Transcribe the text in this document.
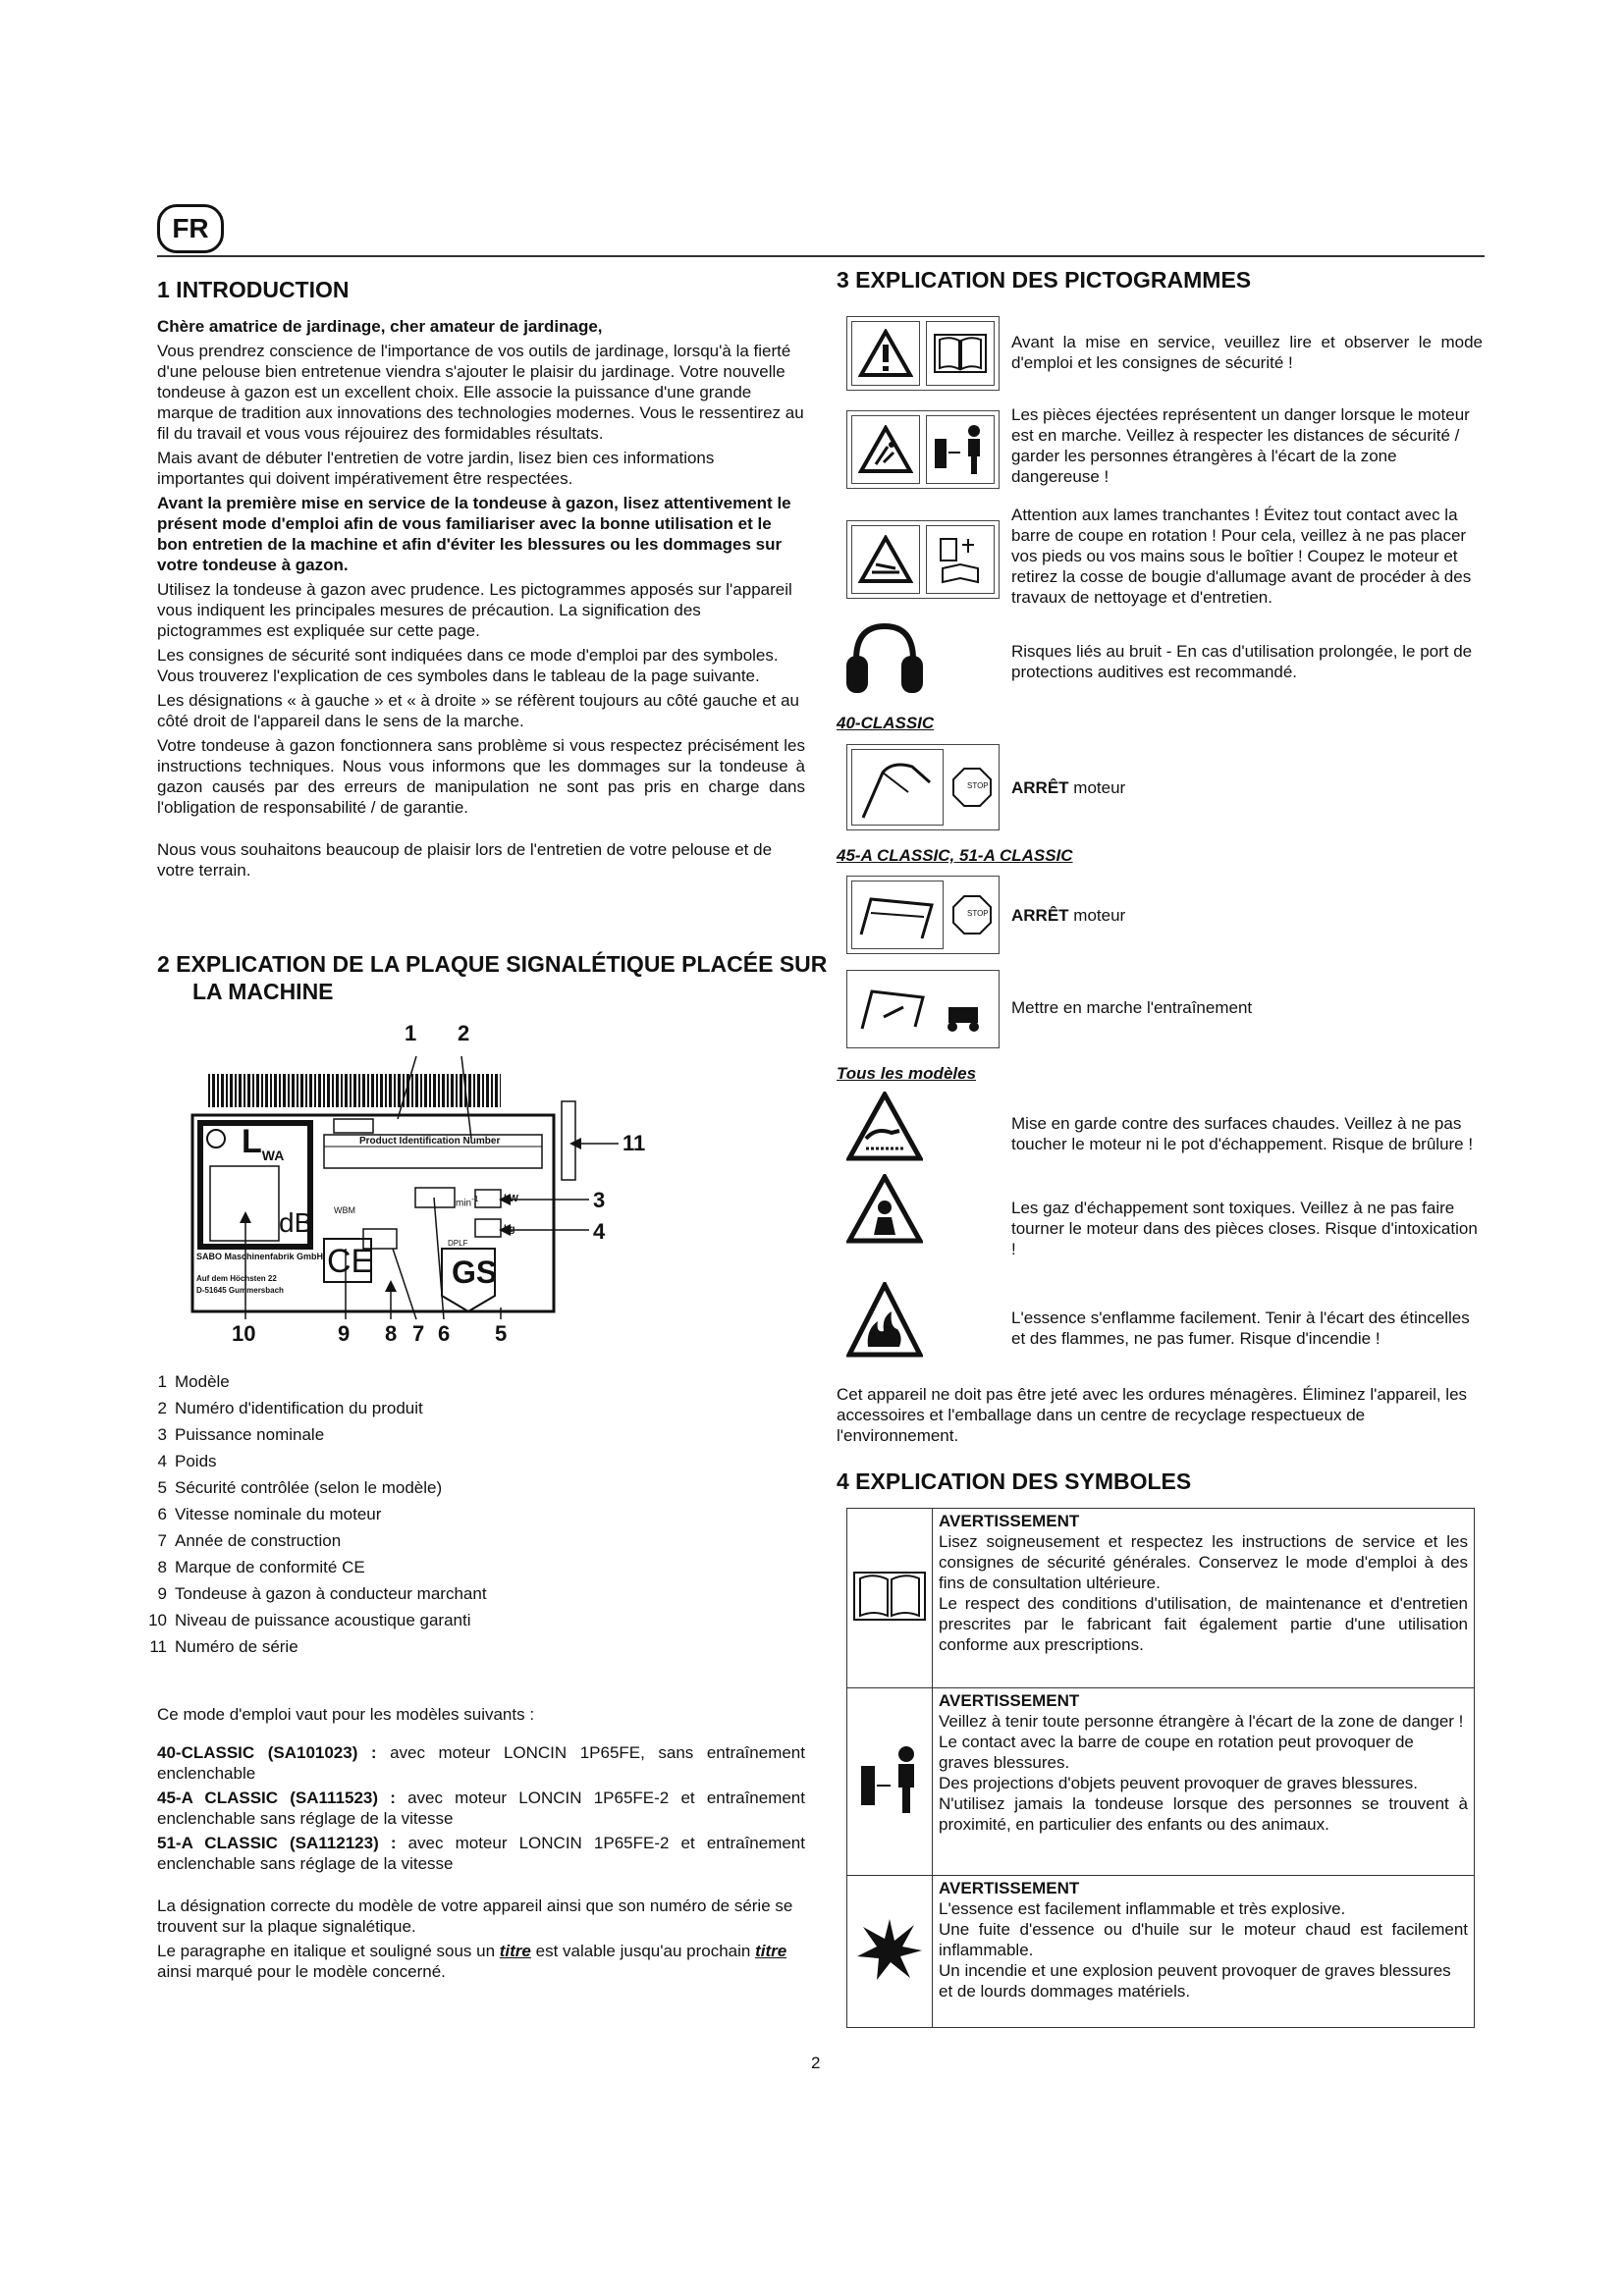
FR
1 INTRODUCTION

Chère amatrice de jardinage, cher amateur de jardinage,

Vous prendrez conscience de l'importance de vos outils de jardinage, lorsqu'à la fierté d'une pelouse bien entretenue viendra s'ajouter le plaisir du jardinage. Votre nouvelle tondeuse à gazon est un excellent choix. Elle associe la puissance d'une grande marque de tradition aux innovations des technologies modernes. Vous le ressentirez au fil du travail et vous vous réjouirez des formidables résultats.

Mais avant de débuter l'entretien de votre jardin, lisez bien ces informations importantes qui doivent impérativement être respectées.

Avant la première mise en service de la tondeuse à gazon, lisez attentivement le présent mode d'emploi afin de vous familiariser avec la bonne utilisation et le bon entretien de la machine et afin d'éviter les blessures ou les dommages sur votre tondeuse à gazon.

Utilisez la tondeuse à gazon avec prudence. Les pictogrammes apposés sur l'appareil vous indiquent les principales mesures de précaution. La signification des pictogrammes est expliquée sur cette page.

Les consignes de sécurité sont indiquées dans ce mode d'emploi par des symboles. Vous trouverez l'explication de ces symboles dans le tableau de la page suivante.

Les désignations « à gauche » et « à droite » se réfèrent toujours au côté gauche et au côté droit de l'appareil dans le sens de la marche.

Votre tondeuse à gazon fonctionnera sans problème si vous respectez précisément les instructions techniques. Nous vous informons que les dommages sur la tondeuse à gazon causés par des erreurs de manipulation ne sont pas pris en charge dans l'obligation de responsabilité / de garantie.

Nous vous souhaitons beaucoup de plaisir lors de l'entretien de votre pelouse et de votre terrain.

2 EXPLICATION DE LA PLAQUE SIGNALÉTIQUE PLACÉE SUR
LA MACHINE
1 2
11
3
4
5
6
7
8
9
10
$L_{WA}$
dB
Product Identification Number
WBM
$\min^{-1}$	kW
kg
CE	DPLF
GS
SABO Maschinenfabrik GmbH
Auf dem Höchsten 22
D-51645 Gummersbach
1 Modèle
2 Numéro d'identification du produit
3 Puissance nominale
4 Poids
5 Sécurité contrôlée (selon le modèle)
6 Vitesse nominale du moteur
7 Année de construction
8 Marque de conformité CE
9 Tondeuse à gazon à conducteur marchant
10 Niveau de puissance acoustique garanti
11 Numéro de série

Ce mode d'emploi vaut pour les modèles suivants :

40-CLASSIC (SA101023) : avec moteur LONCIN 1P65FE, sans entraînement enclenchable

45-A CLASSIC (SA111523) : avec moteur LONCIN 1P65FE-2 et entraînement enclenchable sans réglage de la vitesse

51-A CLASSIC (SA112123) : avec moteur LONCIN 1P65FE-2 et entraînement enclenchable sans réglage de la vitesse

La désignation correcte du modèle de votre appareil ainsi que son numéro de série se trouvent sur la plaque signalétique.

Le paragraphe en italique et souligné sous un titre est valable jusqu'au prochain titre ainsi marqué pour le modèle concerné.

3 EXPLICATION DES PICTOGRAMMES
Avant la mise en service, veuillez lire et observer le mode d'emploi et les consignes de sécurité !
Les pièces éjectées représentent un danger lorsque le moteur est en marche. Veillez à respecter les distances de sécurité / garder les personnes étrangères à l'écart de la zone dangereuse !
Attention aux lames tranchantes ! Évitez tout contact avec la barre de coupe en rotation ! Pour cela, veillez à ne pas placer vos pieds ou vos mains sous le boîtier ! Coupez le moteur et retirez la cosse de bougie d'allumage avant de procéder à des travaux de nettoyage et d'entretien.
Risques liés au bruit - En cas d'utilisation prolongée, le port de protections auditives est recommandé.
40-CLASSIC
STOP ARRÊT moteur
45-A CLASSIC, 51-A CLASSIC
STOP ARRÊT moteur
Mettre en marche l'entraînement
Tous les modèles
Mise en garde contre des surfaces chaudes. Veillez à ne pas toucher le moteur ni le pot d'échappement. Risque de brûlure !
Les gaz d'échappement sont toxiques. Veillez à ne pas faire tourner le moteur dans des pièces closes. Risque d'intoxication !
L'essence s'enflamme facilement. Tenir à l'écart des étincelles et des flammes, ne pas fumer. Risque d'incendie !
Cet appareil ne doit pas être jeté avec les ordures ménagères. Éliminez l'appareil, les accessoires et l'emballage dans un centre de recyclage respectueux de l'environnement.
4 EXPLICATION DES SYMBOLES

AVERTISSEMENT
Lisez soigneusement et respectez les instructions de service et les consignes de sécurité générales. Conservez le mode d'emploi à des fins de consultation ultérieure.
Le respect des conditions d'utilisation, de maintenance et d'entretien prescrites par le fabricant fait également partie d'une utilisation conforme aux prescriptions.

AVERTISSEMENT
Veillez à tenir toute personne étrangère à l'écart de la zone de danger !
Le contact avec la barre de coupe en rotation peut provoquer de graves blessures.
Des projections d'objets peuvent provoquer de graves blessures.
N'utilisez jamais la tondeuse lorsque des personnes se trouvent à proximité, en particulier des enfants ou des animaux.

AVERTISSEMENT
L'essence est facilement inflammable et très explosive.
Une fuite d'essence ou d'huile sur le moteur chaud est facilement inflammable.
Un incendie et une explosion peuvent provoquer de graves blessures et de lourds dommages matériels.
2
